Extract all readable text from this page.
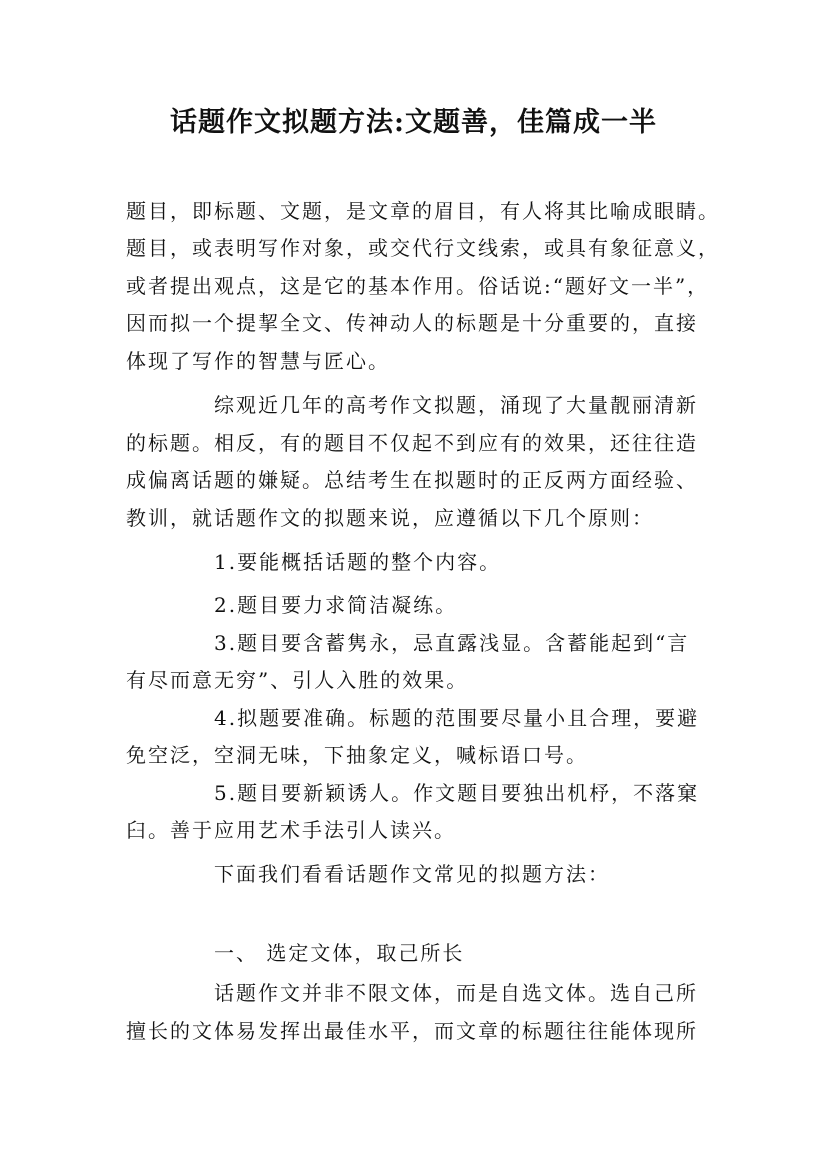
话题作文拟题方法:文题善，佳篇成一半
题目，即标题、文题，是文章的眉目，有人将其比喻成眼睛。
题目，或表明写作对象，或交代行文线索，或具有象征意义，
或者提出观点，这是它的基本作用。俗话说:“题好文一半”，
因而拟一个提挈全文、传神动人的标题是十分重要的，直接
体现了写作的智慧与匠心。
综观近几年的高考作文拟题，涌现了大量靓丽清新
的标题。相反，有的题目不仅起不到应有的效果，还往往造
成偏离话题的嫌疑。总结考生在拟题时的正反两方面经验、
教训，就话题作文的拟题来说，应遵循以下几个原则：
1.要能概括话题的整个内容。
2.题目要力求简洁凝练。
3.题目要含蓄隽永，忌直露浅显。含蓄能起到“言
有尽而意无穷”、引人入胜的效果。
4.拟题要准确。标题的范围要尽量小且合理，要避
免空泛，空洞无味，下抽象定义，喊标语口号。
5.题目要新颖诱人。作文题目要独出机杼，不落窠
臼。善于应用艺术手法引人读兴。
下面我们看看话题作文常见的拟题方法：
一、 选定文体，取己所长
话题作文并非不限文体，而是自选文体。选自己所
擅长的文体易发挥出最佳水平，而文章的标题往往能体现所
